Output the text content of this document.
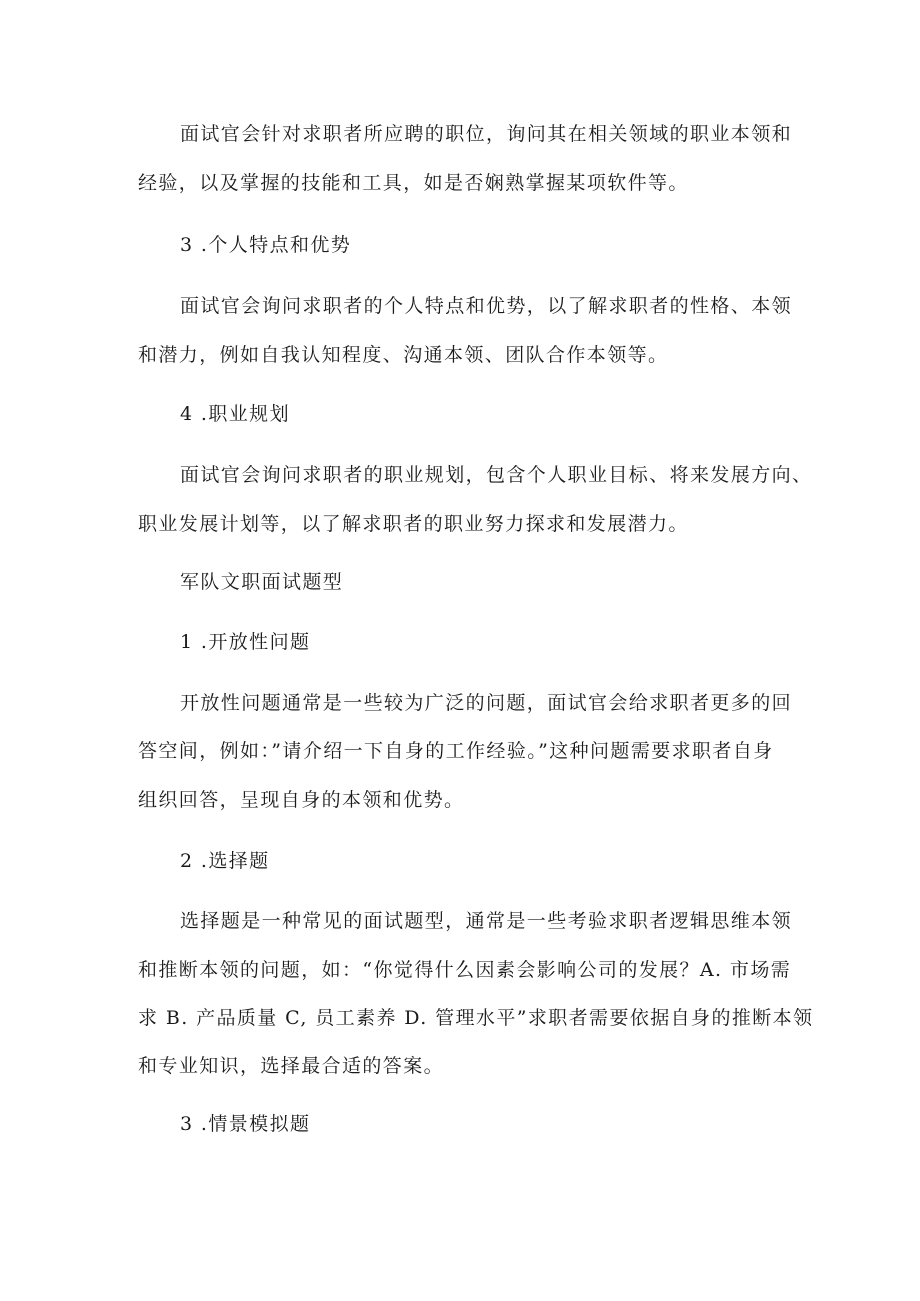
面试官会针对求职者所应聘的职位，询问其在相关领域的职业本领和
经验，以及掌握的技能和工具，如是否娴熟掌握某项软件等。
3 .个人特点和优势
面试官会询问求职者的个人特点和优势，以了解求职者的性格、本领
和潜力，例如自我认知程度、沟通本领、团队合作本领等。
4 .职业规划
面试官会询问求职者的职业规划，包含个人职业目标、将来发展方向、
职业发展计划等，以了解求职者的职业努力探求和发展潜力。
军队文职面试题型
1 .开放性问题
开放性问题通常是一些较为广泛的问题，面试官会给求职者更多的回
答空间，例如：”请介绍一下自身的工作经验。”这种问题需要求职者自身
组织回答，呈现自身的本领和优势。
2 .选择题
选择题是一种常见的面试题型，通常是一些考验求职者逻辑思维本领
和推断本领的问题，如：“你觉得什么因素会影响公司的发展？A. 市场需
求 B. 产品质量 C, 员工素养 D. 管理水平”求职者需要依据自身的推断本领
和专业知识，选择最合适的答案。
3 .情景模拟题
